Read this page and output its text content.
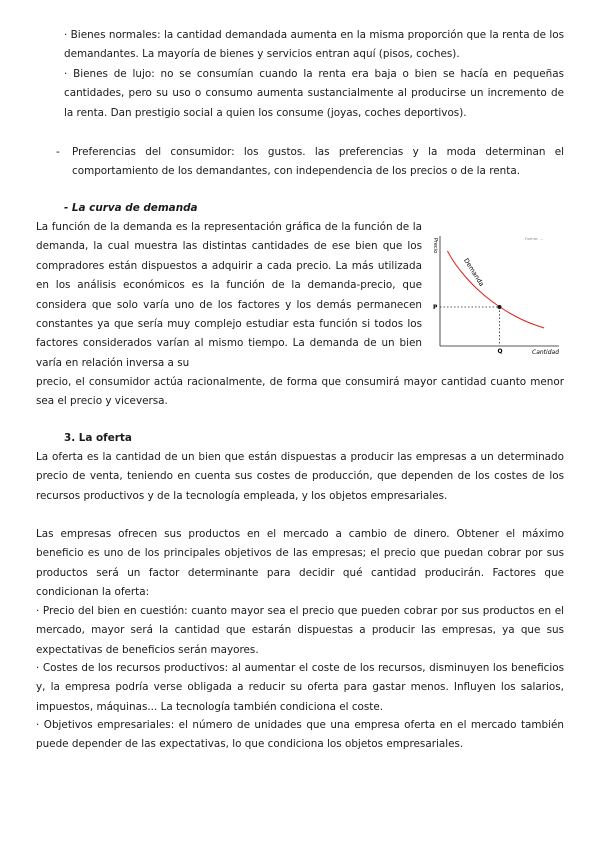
· Bienes normales: la cantidad demandada aumenta en la misma proporción que la renta de los demandantes. La mayoría de bienes y servicios entran aquí (pisos, coches).

· Bienes de lujo: no se consumían cuando la renta era baja o bien se hacía en pequeñas cantidades, pero su uso o consumo aumenta sustancialmente al producirse un incremento de la renta. Dan prestigio social a quien los consume (joyas, coches deportivos).

-	Preferencias del consumidor: los gustos. las preferencias y la moda determinan el comportamiento de los demandantes, con independencia de los precios o de la renta.
- La curva de demanda

La función de la demanda es la representación gráfica de la función de la demanda, la cual muestra las distintas cantidades de ese bien que los compradores están dispuestos a adquirir a cada precio. La más utilizada en los análisis económicos es la función de la demanda-precio, que considera que solo varía uno de los factores y los demás permanecen constantes ya que sería muy complejo estudiar esta función si todos los factores considerados varían al mismo tiempo. La demanda de un bien varía en relación inversa a su

precio, el consumidor actúa racionalmente, de forma que consumirá mayor cantidad cuanto menor sea el precio y viceversa.

P
Q
Precio
Cantidad
Demanda
Fuente: ...
3. La oferta

La oferta es la cantidad de un bien que están dispuestas a producir las empresas a un determinado precio de venta, teniendo en cuenta sus costes de producción, que dependen de los costes de los recursos productivos y de la tecnología empleada, y los objetos empresariales.

Las empresas ofrecen sus productos en el mercado a cambio de dinero. Obtener el máximo beneficio es uno de los principales objetivos de las empresas; el precio que puedan cobrar por sus productos será un factor determinante para decidir qué cantidad producirán. Factores que condicionan la oferta:

· Precio del bien en cuestión: cuanto mayor sea el precio que pueden cobrar por sus productos en el mercado, mayor será la cantidad que estarán dispuestas a producir las empresas, ya que sus expectativas de beneficios serán mayores.

· Costes de los recursos productivos: al aumentar el coste de los recursos, disminuyen los beneficios y, la empresa podría verse obligada a reducir su oferta para gastar menos. Influyen los salarios, impuestos, máquinas... La tecnología también condiciona el coste.

· Objetivos empresariales: el número de unidades que una empresa oferta en el mercado también puede depender de las expectativas, lo que condiciona los objetos empresariales.
